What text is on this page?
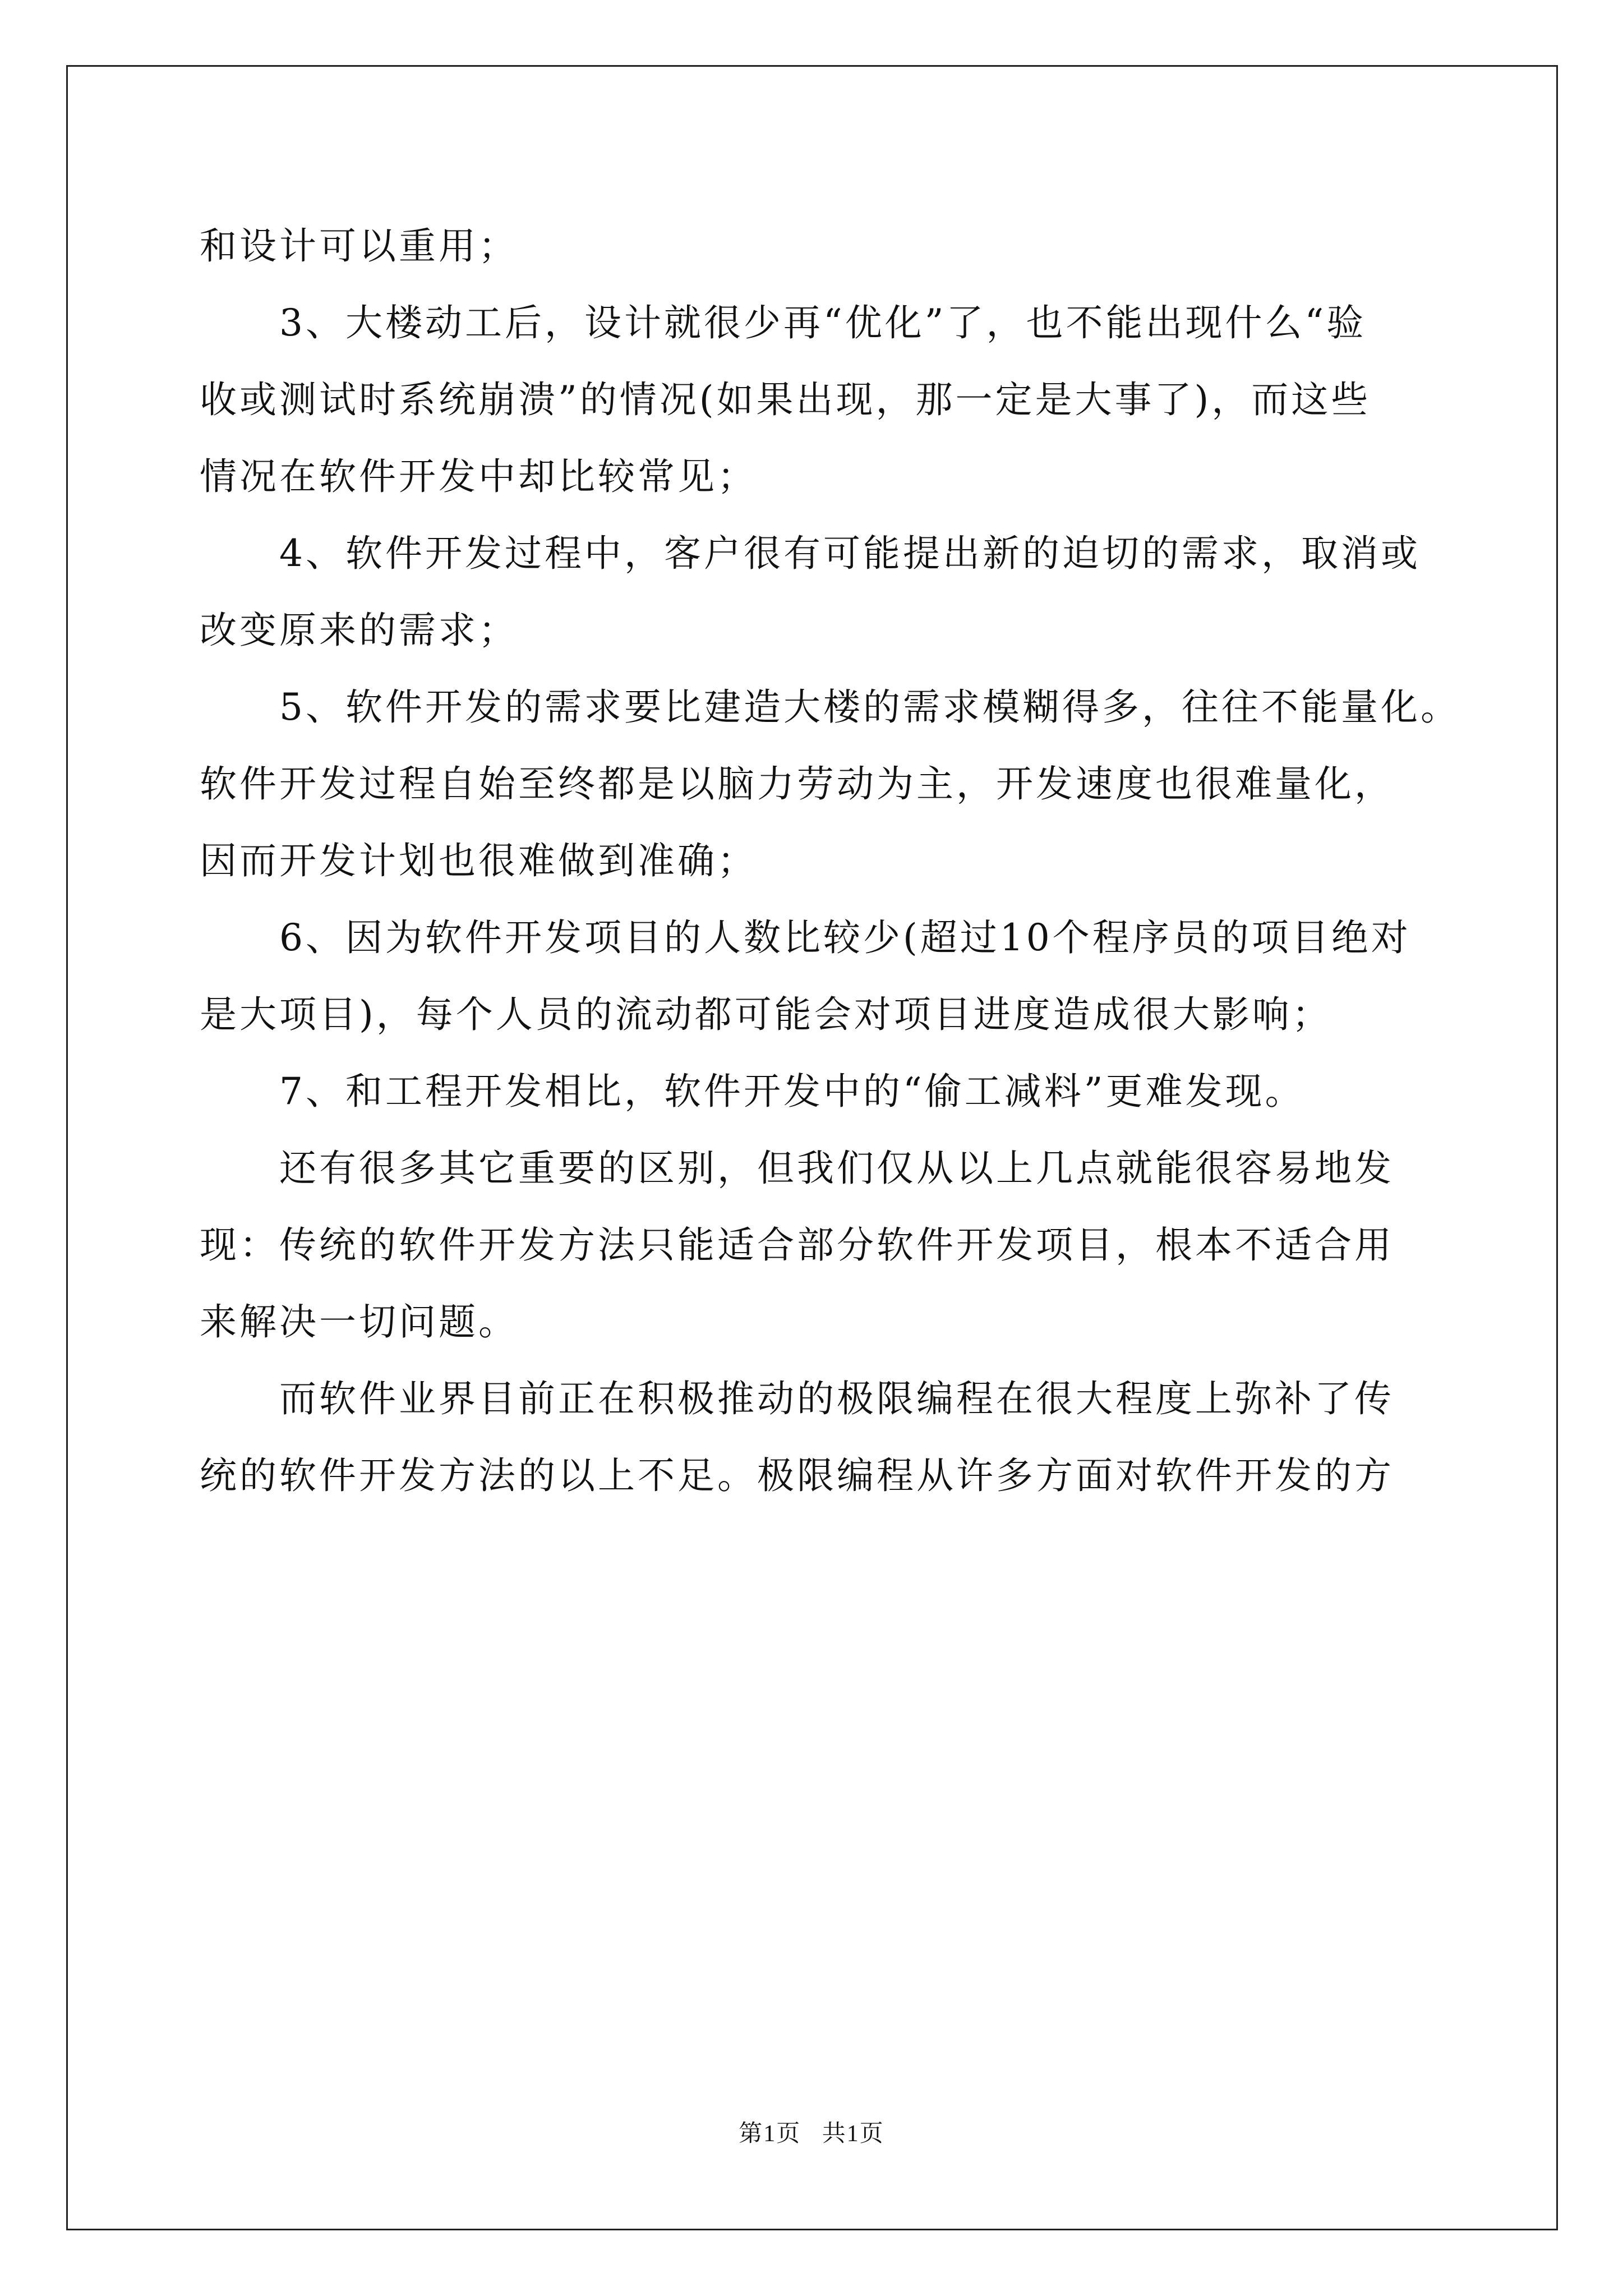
和设计可以重用；

3、大楼动工后，设计就很少再“优化”了，也不能出现什么“验
收或测试时系统崩溃”的情况(如果出现，那一定是大事了)，而这些
情况在软件开发中却比较常见；

4、软件开发过程中，客户很有可能提出新的迫切的需求，取消或
改变原来的需求；

5、软件开发的需求要比建造大楼的需求模糊得多，往往不能量化。
软件开发过程自始至终都是以脑力劳动为主，开发速度也很难量化，
因而开发计划也很难做到准确；

6、因为软件开发项目的人数比较少(超过10个程序员的项目绝对
是大项目)，每个人员的流动都可能会对项目进度造成很大影响；

7、和工程开发相比，软件开发中的“偷工减料”更难发现。

还有很多其它重要的区别，但我们仅从以上几点就能很容易地发
现：传统的软件开发方法只能适合部分软件开发项目，根本不适合用
来解决一切问题。

而软件业界目前正在积极推动的极限编程在很大程度上弥补了传
统的软件开发方法的以上不足。极限编程从许多方面对软件开发的方

第1页 共1页
